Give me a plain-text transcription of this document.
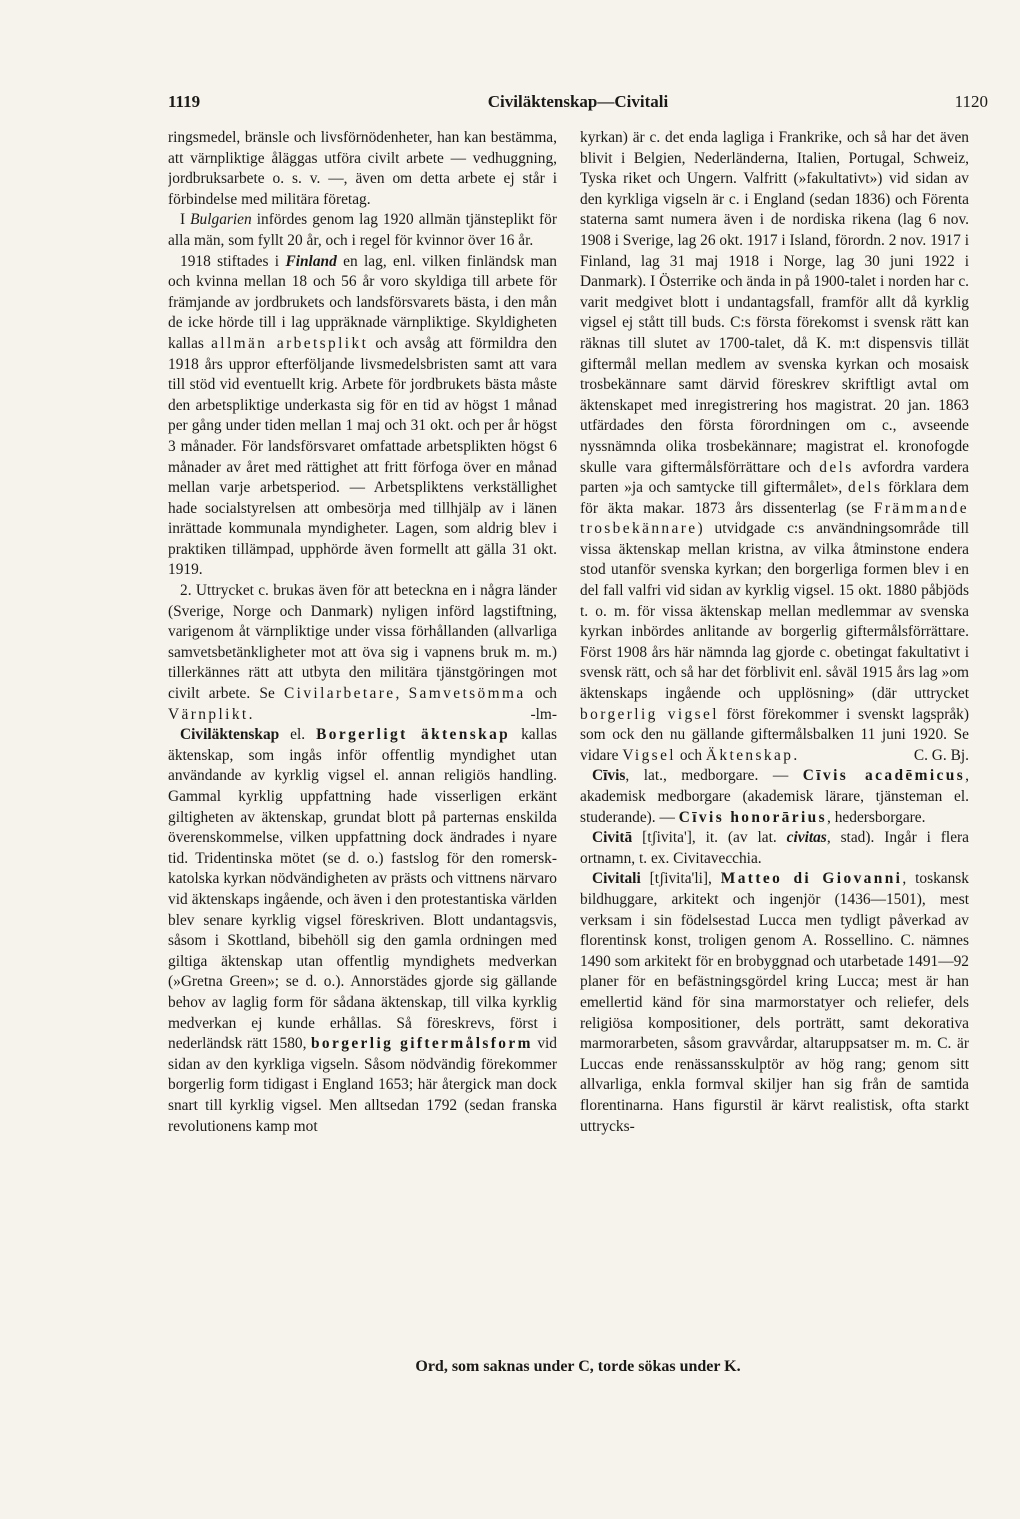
1119	Civiläktenskap—Civitali	1120

ringsmedel, bränsle och livsförnödenheter, han kan bestämma, att värnpliktige åläggas utföra civilt arbete — vedhuggning, jordbruksarbete o. s. v. —, även om detta arbete ej står i förbindelse med militära företag.

I Bulgarien infördes genom lag 1920 allmän tjänsteplikt för alla män, som fyllt 20 år, och i regel för kvinnor över 16 år.

1918 stiftades i Finland en lag, enl. vilken finländsk man och kvinna mellan 18 och 56 år voro skyldiga till arbete för främjande av jordbrukets och landsförsvarets bästa, i den mån de icke hörde till i lag uppräknade värnpliktige. Skyldigheten kallas allmän arbetsplikt och avsåg att förmildra den 1918 års uppror efterföljande livsmedelsbristen samt att vara till stöd vid eventuellt krig. Arbete för jordbrukets bästa måste den arbetspliktige underkasta sig för en tid av högst 1 månad per gång under tiden mellan 1 maj och 31 okt. och per år högst 3 månader. För landsförsvaret omfattade arbetsplikten högst 6 månader av året med rättighet att fritt förfoga över en månad mellan varje arbetsperiod. — Arbetspliktens verkställighet hade socialstyrelsen att ombesörja med tillhjälp av i länen inrättade kommunala myndigheter. Lagen, som aldrig blev i praktiken tillämpad, upphörde även formellt att gälla 31 okt. 1919.

2. Uttrycket c. brukas även för att beteckna en i några länder (Sverige, Norge och Danmark) nyligen införd lagstiftning, varigenom åt värnpliktige under vissa förhållanden (allvarliga samvetsbetänkligheter mot att öva sig i vapnens bruk m. m.) tillerkännes rätt att utbyta den militära tjänstgöringen mot civilt arbete. Se Civilarbetare, Samvetsömma och Värnplikt.	-lm-

Civiläktenskap el. Borgerligt äktenskap kallas äktenskap, som ingås inför offentlig myndighet utan användande av kyrklig vigsel el. annan religiös handling. Gammal kyrklig uppfattning hade visserligen erkänt giltigheten av äktenskap, grundat blott på parternas enskilda överenskommelse, vilken uppfattning dock ändrades i nyare tid. Tridentinska mötet (se d. o.) fastslog för den romersk-katolska kyrkan nödvändigheten av prästs och vittnens närvaro vid äktenskaps ingående, och även i den protestantiska världen blev senare kyrklig vigsel föreskriven. Blott undantagsvis, såsom i Skottland, bibehöll sig den gamla ordningen med giltiga äktenskap utan offentlig myndighets medverkan (»Gretna Green»; se d. o.). Annorstädes gjorde sig gällande behov av laglig form för sådana äktenskap, till vilka kyrklig medverkan ej kunde erhållas. Så föreskrevs, först i nederländsk rätt 1580, borgerlig giftermålsform vid sidan av den kyrkliga vigseln. Såsom nödvändig förekommer borgerlig form tidigast i England 1653; här återgick man dock snart till kyrklig vigsel. Men alltsedan 1792 (sedan franska revolutionens kamp mot

kyrkan) är c. det enda lagliga i Frankrike, och så har det även blivit i Belgien, Nederländerna, Italien, Portugal, Schweiz, Tyska riket och Ungern. Valfritt (»fakultativt») vid sidan av den kyrkliga vigseln är c. i England (sedan 1836) och Förenta staterna samt numera även i de nordiska rikena (lag 6 nov. 1908 i Sverige, lag 26 okt. 1917 i Island, förordn. 2 nov. 1917 i Finland, lag 31 maj 1918 i Norge, lag 30 juni 1922 i Danmark). I Österrike och ända in på 1900-talet i norden har c. varit medgivet blott i undantagsfall, framför allt då kyrklig vigsel ej stått till buds. C:s första förekomst i svensk rätt kan räknas till slutet av 1700-talet, då K. m:t dispensvis tillät giftermål mellan medlem av svenska kyrkan och mosaisk trosbekännare samt därvid föreskrev skriftligt avtal om äktenskapet med inregistrering hos magistrat. 20 jan. 1863 utfärdades den första förordningen om c., avseende nyssnämnda olika trosbekännare; magistrat el. kronofogde skulle vara giftermålsförrättare och dels avfordra vardera parten »ja och samtycke till giftermålet», dels förklara dem för äkta makar. 1873 års dissenterlag (se Främmande trosbekännare) utvidgade c:s användningsområde till vissa äktenskap mellan kristna, av vilka åtminstone endera stod utanför svenska kyrkan; den borgerliga formen blev i en del fall valfri vid sidan av kyrklig vigsel. 15 okt. 1880 påbjöds t. o. m. för vissa äktenskap mellan medlemmar av svenska kyrkan inbördes anlitande av borgerlig giftermålsförrättare. Först 1908 års här nämnda lag gjorde c. obetingat fakultativt i svensk rätt, och så har det förblivit enl. såväl 1915 års lag »om äktenskaps ingående och upplösning» (där uttrycket borgerlig vigsel först förekommer i svenskt lagspråk) som ock den nu gällande giftermålsbalken 11 juni 1920. Se vidare Vigsel och Äktenskap.	C. G. Bj.

Cīvis, lat., medborgare. — Cīvis acadēmicus, akademisk medborgare (akademisk lärare, tjänsteman el. studerande). — Cīvis honorārius, hedersborgare.

Civitā [tʃivita'], it. (av lat. civitas, stad). Ingår i flera ortnamn, t. ex. Civitavecchia.

Civitali [tʃivita'li], Matteo di Giovanni, toskansk bildhuggare, arkitekt och ingenjör (1436—1501), mest verksam i sin födelsestad Lucca men tydligt påverkad av florentinsk konst, troligen genom A. Rossellino. C. nämnes 1490 som arkitekt för en brobyggnad och utarbetade 1491—92 planer för en befästningsgördel kring Lucca; mest är han emellertid känd för sina marmorstatyer och reliefer, dels religiösa kompositioner, dels porträtt, samt dekorativa marmorarbeten, såsom gravvårdar, altaruppsatser m. m. C. är Luccas ende renässansskulptör av hög rang; genom sitt allvarliga, enkla formval skiljer han sig från de samtida florentinarna. Hans figurstil är kärvt realistisk, ofta starkt uttrycks-

Ord, som saknas under C, torde sökas under K.
